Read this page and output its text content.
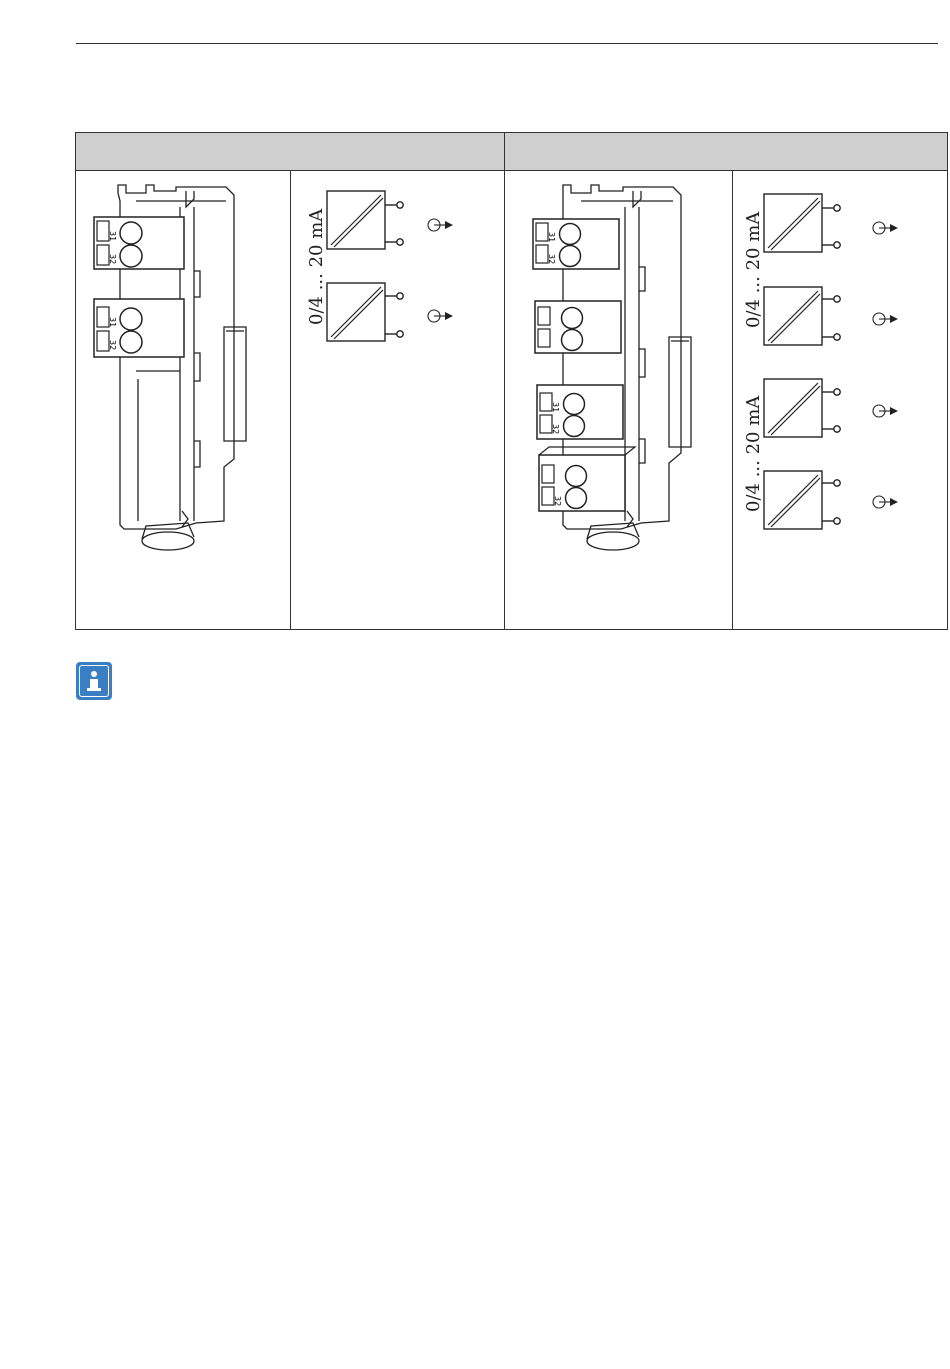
31
32
31
32	0/4 ... 20 mA	31
32
31
32
32	0/4 ... 20 mA
0/4 ... 20 mA
